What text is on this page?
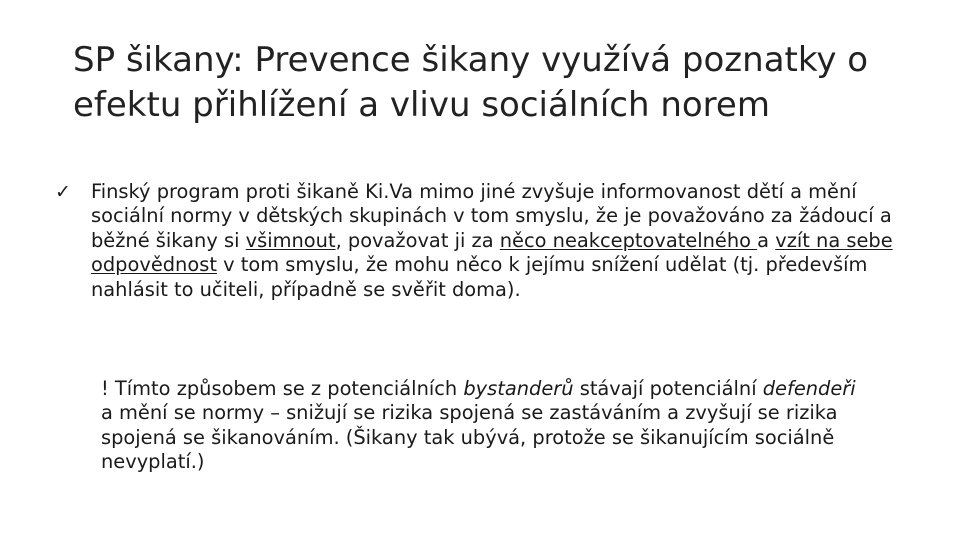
SP šikany: Prevence šikany využívá poznatky o efektu přihlížení a vlivu sociálních norem
✓ Finský program proti šikaně Ki.Va mimo jiné zvyšuje informovanost dětí a mění sociální normy v dětských skupinách v tom smyslu, že je považováno za žádoucí a běžné šikany si všimnout, považovat ji za něco neakceptovatelného a vzít na sebe odpovědnost v tom smyslu, že mohu něco k jejímu snížení udělat (tj. především nahlásit to učiteli, případně se svěřit doma).
! Tímto způsobem se z potenciálních bystanderů stávají potenciální defendeři a mění se normy – snižují se rizika spojená se zastáváním a zvyšují se rizika spojená se šikanováním. (Šikany tak ubývá, protože se šikanujícím sociálně nevyplatí.)
